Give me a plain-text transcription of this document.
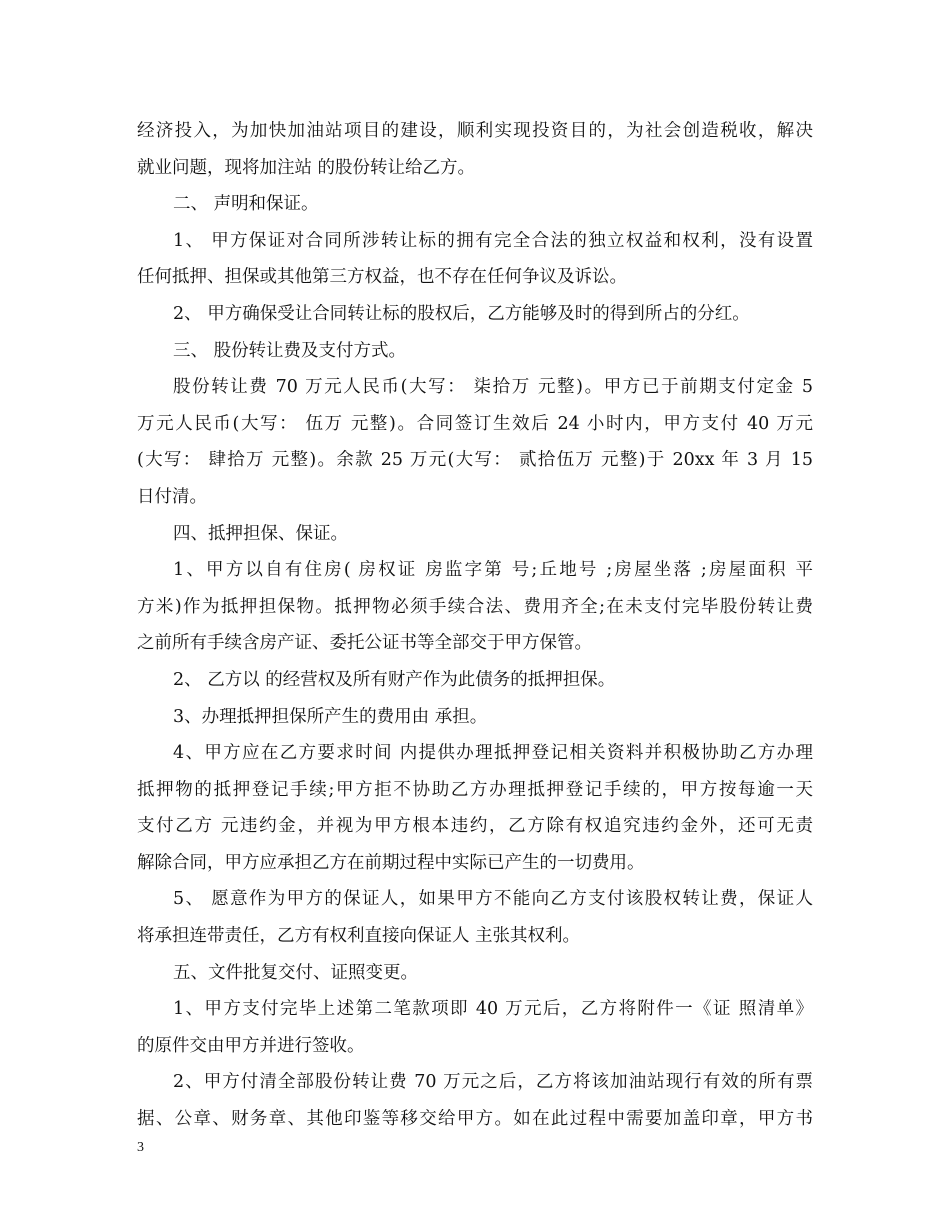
经济投入，为加快加油站项目的建设，顺利实现投资目的，为社会创造税收，解决
就业问题，现将加注站 的股份转让给乙方。
二、 声明和保证。
1、 甲方保证对合同所涉转让标的拥有完全合法的独立权益和权利，没有设置
任何抵押、担保或其他第三方权益，也不存在任何争议及诉讼。
2、 甲方确保受让合同转让标的股权后，乙方能够及时的得到所占的分红。
三、 股份转让费及支付方式。
股份转让费 70 万元人民币(大写： 柒拾万 元整)。甲方已于前期支付定金 5
万元人民币(大写： 伍万 元整)。合同签订生效后 24 小时内，甲方支付 40 万元
(大写： 肆拾万 元整)。余款 25 万元(大写： 贰拾伍万 元整)于 20xx 年 3 月 15
日付清。
四、抵押担保、保证。
1、甲方以自有住房( 房权证 房监字第 号;丘地号 ;房屋坐落 ;房屋面积 平
方米)作为抵押担保物。抵押物必须手续合法、费用齐全;在未支付完毕股份转让费
之前所有手续含房产证、委托公证书等全部交于甲方保管。
2、 乙方以 的经营权及所有财产作为此债务的抵押担保。
3、办理抵押担保所产生的费用由 承担。
4、甲方应在乙方要求时间 内提供办理抵押登记相关资料并积极协助乙方办理
抵押物的抵押登记手续;甲方拒不协助乙方办理抵押登记手续的，甲方按每逾一天
支付乙方 元违约金，并视为甲方根本违约，乙方除有权追究违约金外，还可无责
解除合同，甲方应承担乙方在前期过程中实际已产生的一切费用。
5、 愿意作为甲方的保证人，如果甲方不能向乙方支付该股权转让费，保证人
将承担连带责任，乙方有权利直接向保证人 主张其权利。
五、文件批复交付、证照变更。
1、甲方支付完毕上述第二笔款项即 40 万元后，乙方将附件一《证 照清单》
的原件交由甲方并进行签收。
2、甲方付清全部股份转让费 70 万元之后，乙方将该加油站现行有效的所有票
据、公章、财务章、其他印鉴等移交给甲方。如在此过程中需要加盖印章，甲方书
3
